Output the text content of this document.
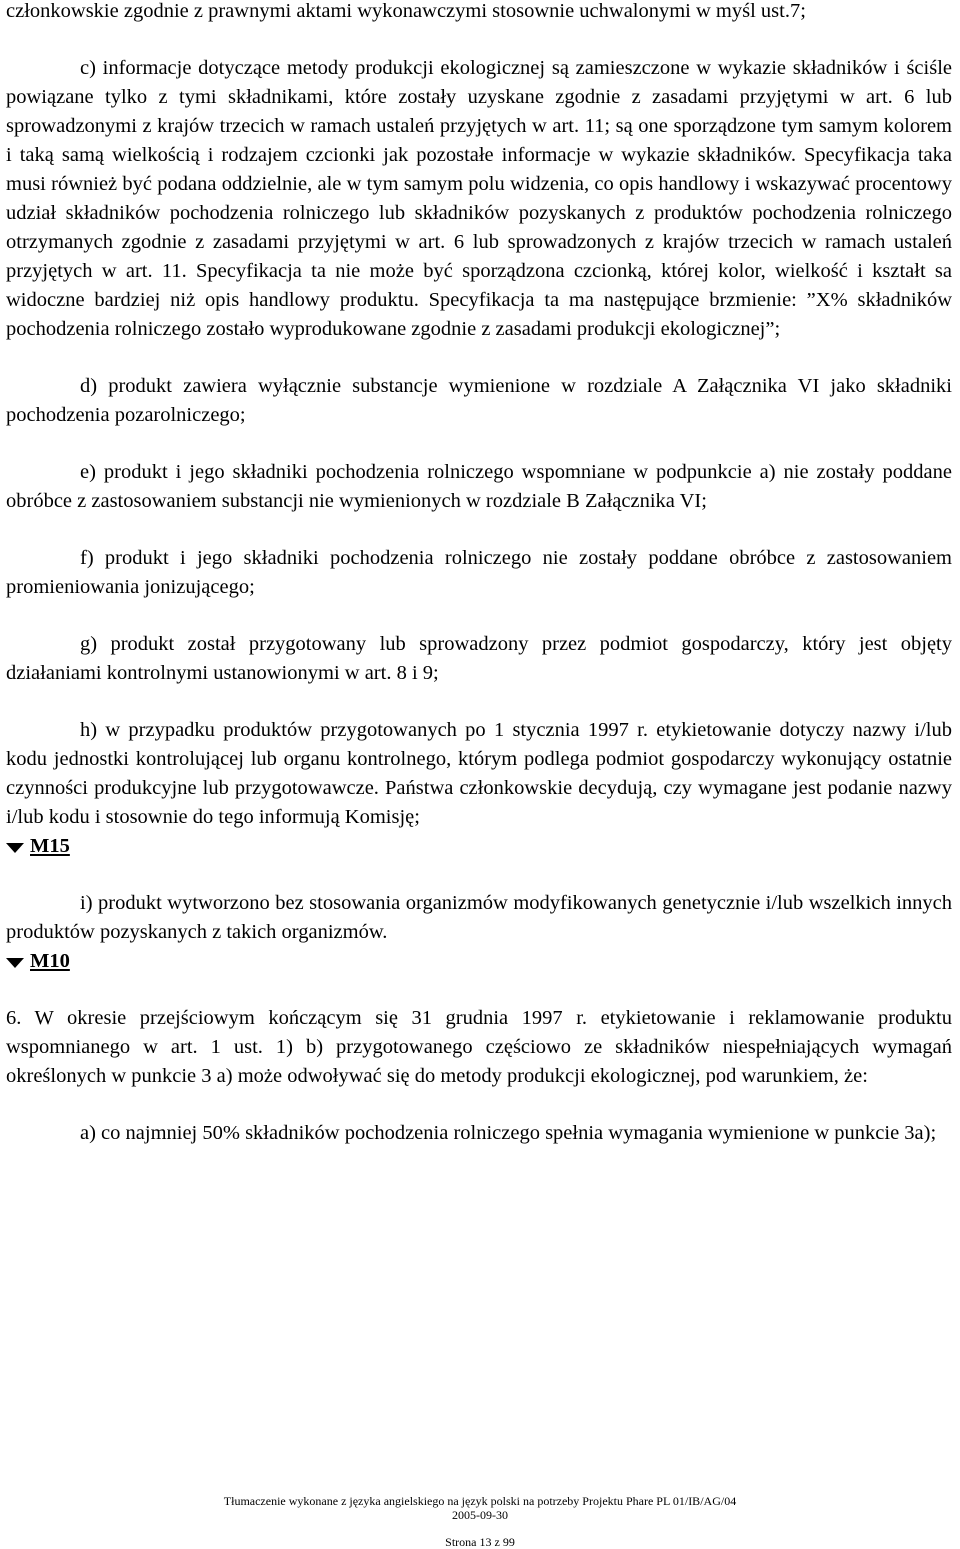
członkowskie zgodnie z prawnymi aktami wykonawczymi stosownie uchwalonymi w myśl ust.7;

c) informacje dotyczące metody produkcji ekologicznej są zamieszczone w wykazie składników i ściśle powiązane tylko z tymi składnikami, które zostały uzyskane zgodnie z zasadami przyjętymi w art. 6 lub sprowadzonymi z krajów trzecich w ramach ustaleń przyjętych w art. 11; są one sporządzone tym samym kolorem i taką samą wielkością i rodzajem czcionki jak pozostałe informacje w wykazie składników. Specyfikacja taka musi również być podana oddzielnie, ale w tym samym polu widzenia, co opis handlowy i wskazywać procentowy udział składników pochodzenia rolniczego lub składników pozyskanych z produktów pochodzenia rolniczego otrzymanych zgodnie z zasadami przyjętymi w art. 6 lub sprowadzonych z krajów trzecich w ramach ustaleń przyjętych w art. 11. Specyfikacja ta nie może być sporządzona czcionką, której kolor, wielkość i kształt sa widoczne bardziej niż opis handlowy produktu. Specyfikacja ta ma następujące brzmienie: ”X% składników pochodzenia rolniczego zostało wyprodukowane zgodnie z zasadami produkcji ekologicznej”;

d) produkt zawiera wyłącznie substancje wymienione w rozdziale A Załącznika VI jako składniki pochodzenia pozarolniczego;

e) produkt i jego składniki pochodzenia rolniczego wspomniane w podpunkcie a) nie zostały poddane obróbce z zastosowaniem substancji nie wymienionych w rozdziale B Załącznika VI;

f) produkt i jego składniki pochodzenia rolniczego nie zostały poddane obróbce z zastosowaniem promieniowania jonizującego;

g) produkt został przygotowany lub sprowadzony przez podmiot gospodarczy, który jest objęty działaniami kontrolnymi ustanowionymi w art. 8 i 9;

h) w przypadku produktów przygotowanych po 1 stycznia 1997 r. etykietowanie dotyczy nazwy i/lub kodu jednostki kontrolującej lub organu kontrolnego, którym podlega podmiot gospodarczy wykonujący ostatnie czynności produkcyjne lub przygotowawcze. Państwa członkowskie decydują, czy wymagane jest podanie nazwy i/lub kodu i stosownie do tego informują Komisję;

M15

i) produkt wytworzono bez stosowania organizmów modyfikowanych genetycznie i/lub wszelkich innych produktów pozyskanych z takich organizmów.

M10

6. W okresie przejściowym kończącym się 31 grudnia 1997 r. etykietowanie i reklamowanie produktu wspomnianego w art. 1 ust. 1) b) przygotowanego częściowo ze składników niespełniających wymagań określonych w punkcie 3 a) może odwoływać się do metody produkcji ekologicznej, pod warunkiem, że:

a) co najmniej 50% składników pochodzenia rolniczego spełnia wymagania wymienione w punkcie 3a);

Tłumaczenie wykonane z języka angielskiego na język polski na potrzeby Projektu Phare PL 01/IB/AG/04
2005-09-30
Strona 13 z 99
